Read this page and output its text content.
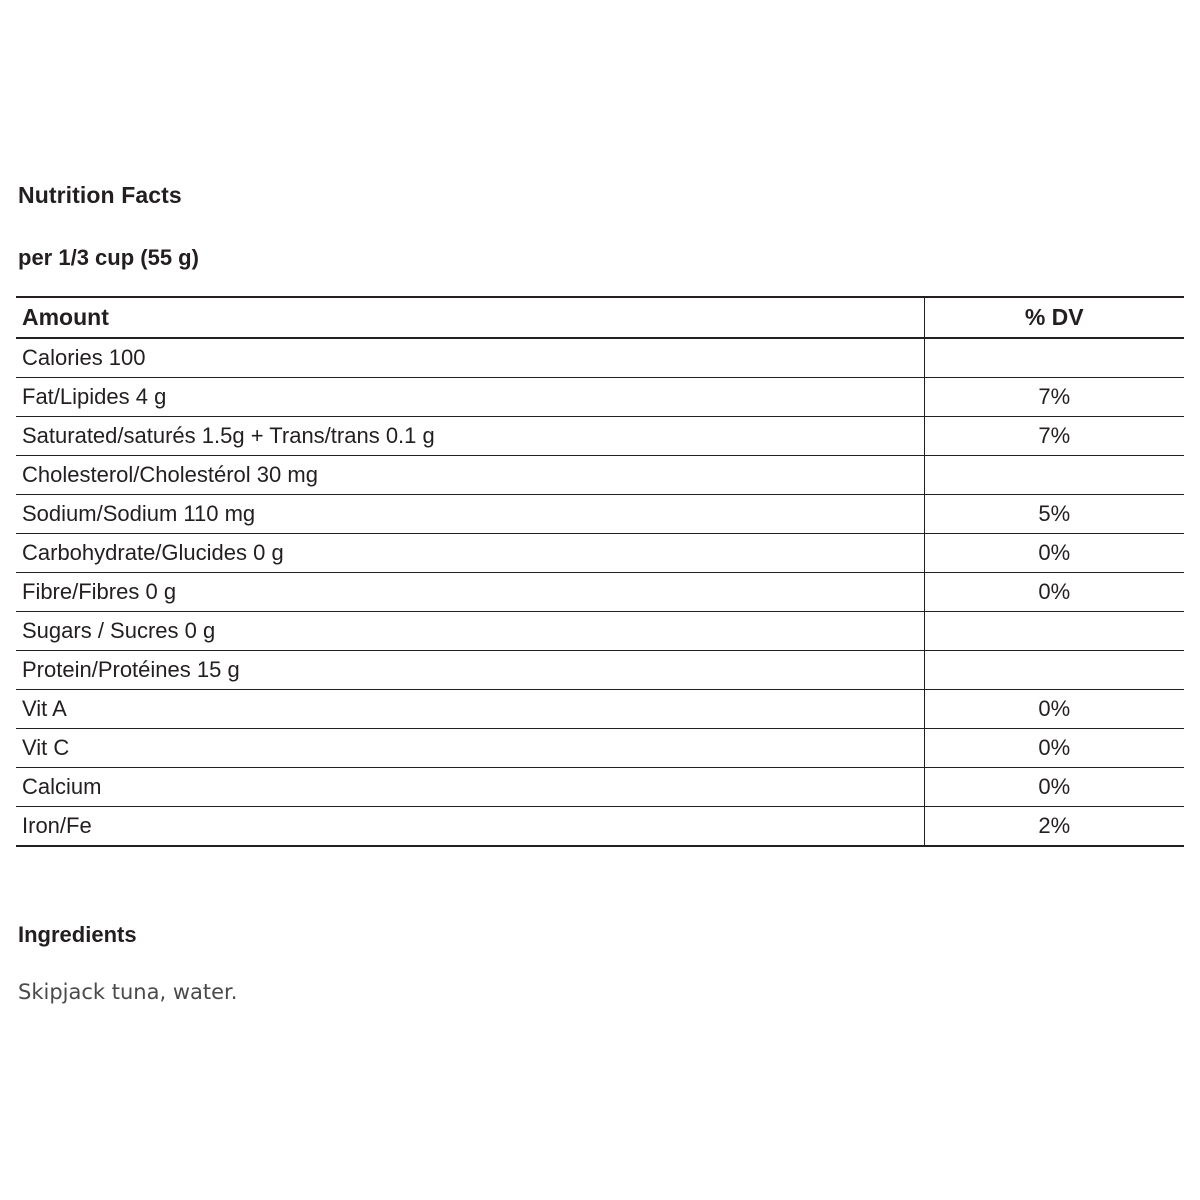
Nutrition Facts
per 1/3 cup (55 g)
Amount	% DV
Calories 100	
Fat/Lipides 4 g	7%
Saturated/saturés 1.5g + Trans/trans 0.1 g	7%
Cholesterol/Cholestérol 30 mg	
Sodium/Sodium 110 mg	5%
Carbohydrate/Glucides 0 g	0%
Fibre/Fibres 0 g	0%
Sugars / Sucres 0 g	
Protein/Protéines 15 g	
Vit A	0%
Vit C	0%
Calcium	0%
Iron/Fe	2%
Ingredients
Skipjack tuna, water.
